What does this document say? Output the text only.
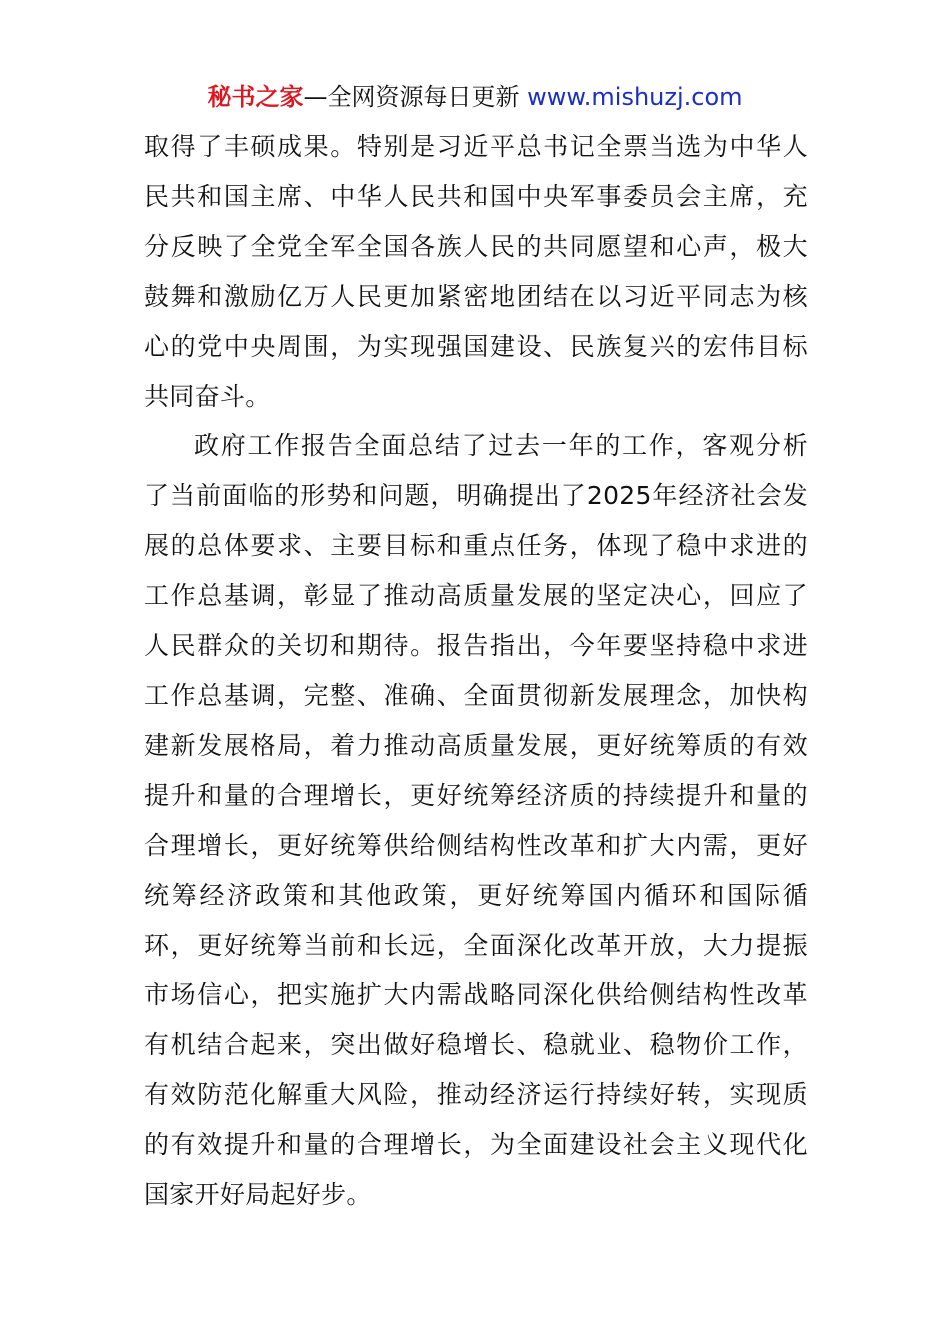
秘书之家—全网资源每日更新 www.mishuzj.com

取得了丰硕成果。特别是习近平总书记全票当选为中华人
民共和国主席、中华人民共和国中央军事委员会主席，充
分反映了全党全军全国各族人民的共同愿望和心声，极大
鼓舞和激励亿万人民更加紧密地团结在以习近平同志为核
心的党中央周围，为实现强国建设、民族复兴的宏伟目标
共同奋斗。

政府工作报告全面总结了过去一年的工作，客观分析
了当前面临的形势和问题，明确提出了2025年经济社会发
展的总体要求、主要目标和重点任务，体现了稳中求进的
工作总基调，彰显了推动高质量发展的坚定决心，回应了
人民群众的关切和期待。报告指出，今年要坚持稳中求进
工作总基调，完整、准确、全面贯彻新发展理念，加快构
建新发展格局，着力推动高质量发展，更好统筹质的有效
提升和量的合理增长，更好统筹经济质的持续提升和量的
合理增长，更好统筹供给侧结构性改革和扩大内需，更好
统筹经济政策和其他政策，更好统筹国内循环和国际循
环，更好统筹当前和长远，全面深化改革开放，大力提振
市场信心，把实施扩大内需战略同深化供给侧结构性改革
有机结合起来，突出做好稳增长、稳就业、稳物价工作，
有效防范化解重大风险，推动经济运行持续好转，实现质
的有效提升和量的合理增长，为全面建设社会主义现代化
国家开好局起好步。
